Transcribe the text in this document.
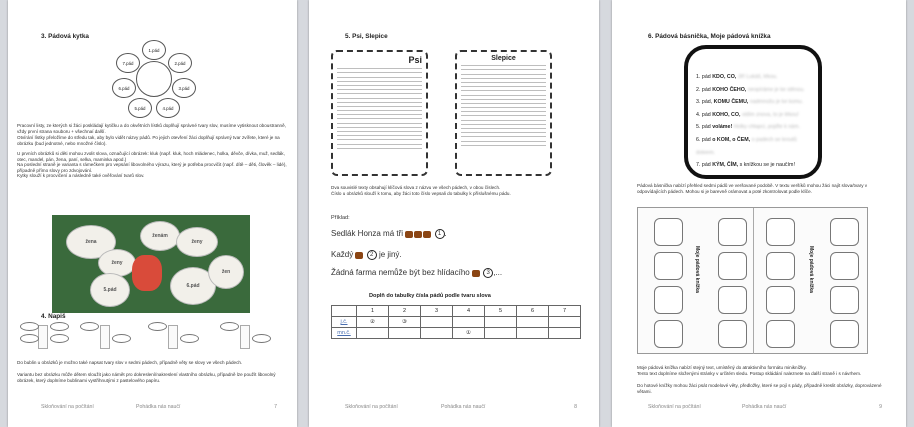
3. Pádová kytka
1.pád
2.pád
3.pád
4.pád
5.pád
6.pád
7.pád
Pracovní listy, ze kterých si žáci poskládají kytičku a do okvětních lístků doplňují správné tvary slov, musíme vytisknout oboustranně, vždy první strana souboru + všechnaí další.
Otvírání lístky přeložíme do středu tak, aby bylo vidět názvy pádů. Po jejich otevření žáci doplňují správný tvar zvířete, které je na obrázku (bud jednotné, nebo množné číslo).
U prvních obrázků si děti mohou zvolit slova, označující obrázek: kluk (např. kluk, hoch mládenec, holka, děvče, dívka, muž, sedlák, otec, mandel, pán, žena, paní, selka, maminka apod.)
Na poslední straně je varianta s rámečkem pro vepsání libovolného výrazu, který je potřeba procvičit (např. dítě – děti, člověk – lidé), případně přímo slovy pro zdvojování.
Kytky slouží k procvičení a následně také ověřování tvarů slov.
žena
ženy
ženám
ženy
5.pád
6.pád
žen
4. Napiš
Do bublin u obrázků je možno také napsat tvary slov v sedmi pádech, případně věty se slovy ve všech pádech.
Variantu bez obrázku může dětem sloužit jako námět pro dokreslení/nakreslení vlastního obrázku, případně lze použít libovolný obrázek, který doplníme bublinami vystřihnutými z pastelového papíru.
Skloňování na počítání	Pohádka nás naučí	7
5. Psi, Slepice
Psi	Slepice
Dva souvislé texty obsahují klíčová slova z názvu ve všech pádech, v obou číslech.
Číslo u obrázků slouží k tomu, aby žáci toto číslo vepsali do tabulky k příslušnému pádu.
Příklad:
Sedlák Honza má tři	1 .
Každý	2 je jiný.
Žádná farma nemůže být bez hlídacího	3 ,...
Doplň do tabulky čísla pádů podle tvaru slova
	1	2	3	4	5	6	7
j.č.	②	③					
mn.č.				①			
Skloňování na počítání	Pohádka nás naučí	8
6. Pádová básnička, Moje pádová knížka
1. pád KDO, CO, Jiří Lukáš, lékou.
2. pád KOHO ČEHO, neopíráme je ke stěnou.
3. pád, KOMU ČEMU, nadmnožu je ke komu.
4. pád KOHO, CO, vidím znova, to je lékou!
5. pád voláme! Holky chlapci, pojďte k nám.
6. pád o KOM, o ČEM, o padech se kroutů doteem.
7. pád KÝM, ČÍM, s knížkou se je naučím!
Pádová básnička nabízí přehled sedmi pádů ve veršované podobě. V textu veršíků mohou žáci najít slova/tvary v odpovídajících pádech. Mohou si je barevně orámovat a poté zkontrolovat podle klíče.
Moje pádová knížka	Moje pádová knížka
Moje pádová knížka nabízí stejný text, umístěný do atraktivního formátu miniknížky.
Tento text doplníme složenými stránky v určitém sledu. Postup skládání naleznete na další straně i s návrhem.
Do hotové knížky mohou žáci psát modelové věty, předložky, které se pojí s pády, případně kreslit obrázky, doprovázené větami.
Skloňování na počítání	Pohádka nás naučí	9
